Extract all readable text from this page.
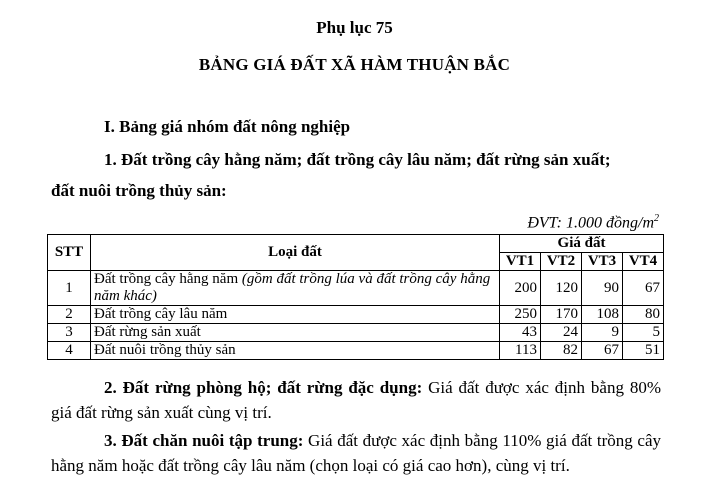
Phụ lục 75
BẢNG GIÁ ĐẤT XÃ HÀM THUẬN BẮC
I. Bảng giá nhóm đất nông nghiệp
1. Đất trồng cây hằng năm; đất trồng cây lâu năm; đất rừng sản xuất;
đất nuôi trồng thủy sản:
ĐVT: 1.000 đồng/$m^2$
STT	Loại đất	Giá đất			
		VT1	VT2	VT3	VT4
1	Đất trồng cây hằng năm (gồm đất trồng lúa và đất trồng cây hằng năm khác)	200	120	90	67
2	Đất trồng cây lâu năm	250	170	108	80
3	Đất rừng sản xuất	43	24	9	5
4	Đất nuôi trồng thủy sản	113	82	67	51
2. Đất rừng phòng hộ; đất rừng đặc dụng: Giá đất được xác định bằng 80% giá đất rừng sản xuất cùng vị trí.
3. Đất chăn nuôi tập trung: Giá đất được xác định bằng 110% giá đất trồng cây hằng năm hoặc đất trồng cây lâu năm (chọn loại có giá cao hơn), cùng vị trí.
